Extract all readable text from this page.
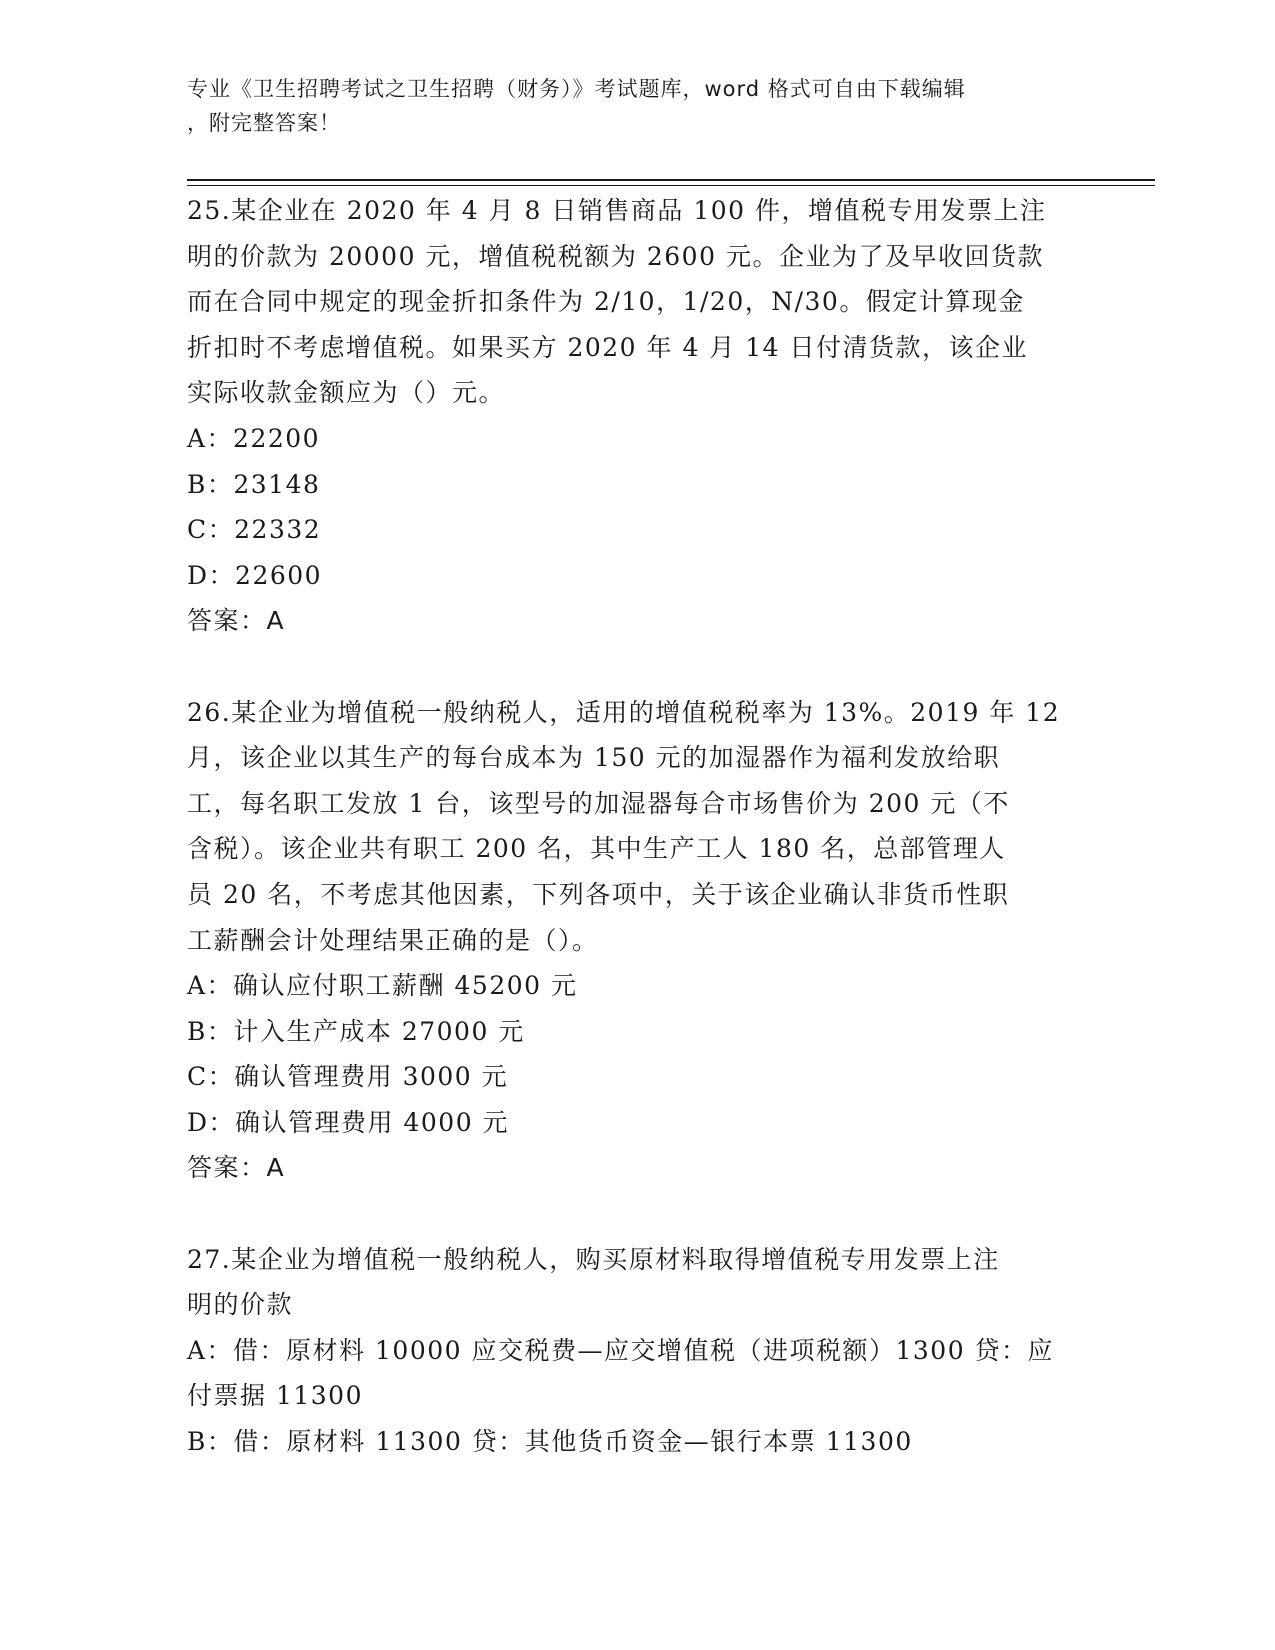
专业《卫生招聘考试之卫生招聘（财务）》考试题库，word 格式可自由下载编辑
，附完整答案！
25.某企业在 2020 年 4 月 8 日销售商品 100 件，增值税专用发票上注
明的价款为 20000 元，增值税税额为 2600 元。企业为了及早收回货款
而在合同中规定的现金折扣条件为 2/10，1/20，N/30。假定计算现金
折扣时不考虑增值税。如果买方 2020 年 4 月 14 日付清货款，该企业
实际收款金额应为（）元。
A：22200
B：23148
C：22332
D：22600
答案：A
26.某企业为增值税一般纳税人，适用的增值税税率为 13%。2019 年 12
月，该企业以其生产的每台成本为 150 元的加湿器作为福利发放给职
工，每名职工发放 1 台，该型号的加湿器每合市场售价为 200 元（不
含税）。该企业共有职工 200 名，其中生产工人 180 名，总部管理人
员 20 名，不考虑其他因素，下列各项中，关于该企业确认非货币性职
工薪酬会计处理结果正确的是（）。
A：确认应付职工薪酬 45200 元
B：计入生产成本 27000 元
C：确认管理费用 3000 元
D：确认管理费用 4000 元
答案：A
27.某企业为增值税一般纳税人，购买原材料取得增值税专用发票上注
明的价款
A：借：原材料 10000 应交税费—应交增值税（进项税额）1300 贷：应
付票据 11300
B：借：原材料 11300 贷：其他货币资金—银行本票 11300
